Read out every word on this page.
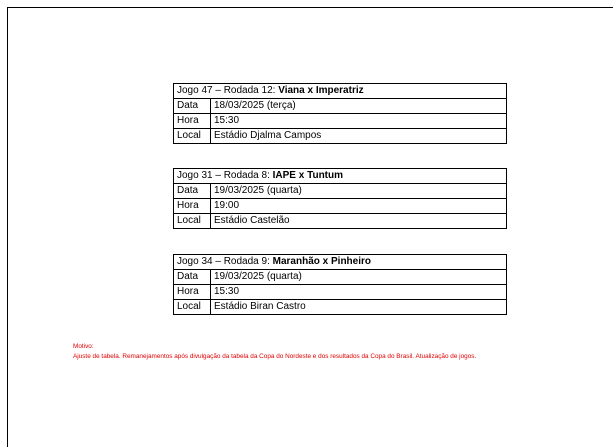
Jogo 47 – Rodada 12: Viana x Imperatriz	
Data	18/03/2025 (terça)
Hora	15:30
Local	Estádio Djalma Campos
Jogo 31 – Rodada 8: IAPE x Tuntum	
Data	19/03/2025 (quarta)
Hora	19:00
Local	Estádio Castelão
Jogo 34 – Rodada 9: Maranhão x Pinheiro	
Data	19/03/2025 (quarta)
Hora	15:30
Local	Estádio Biran Castro
Motivo:
Ajuste de tabela. Remanejamentos após divulgação da tabela da Copa do Nordeste e dos resultados da Copa do Brasil. Atualização de jogos.
